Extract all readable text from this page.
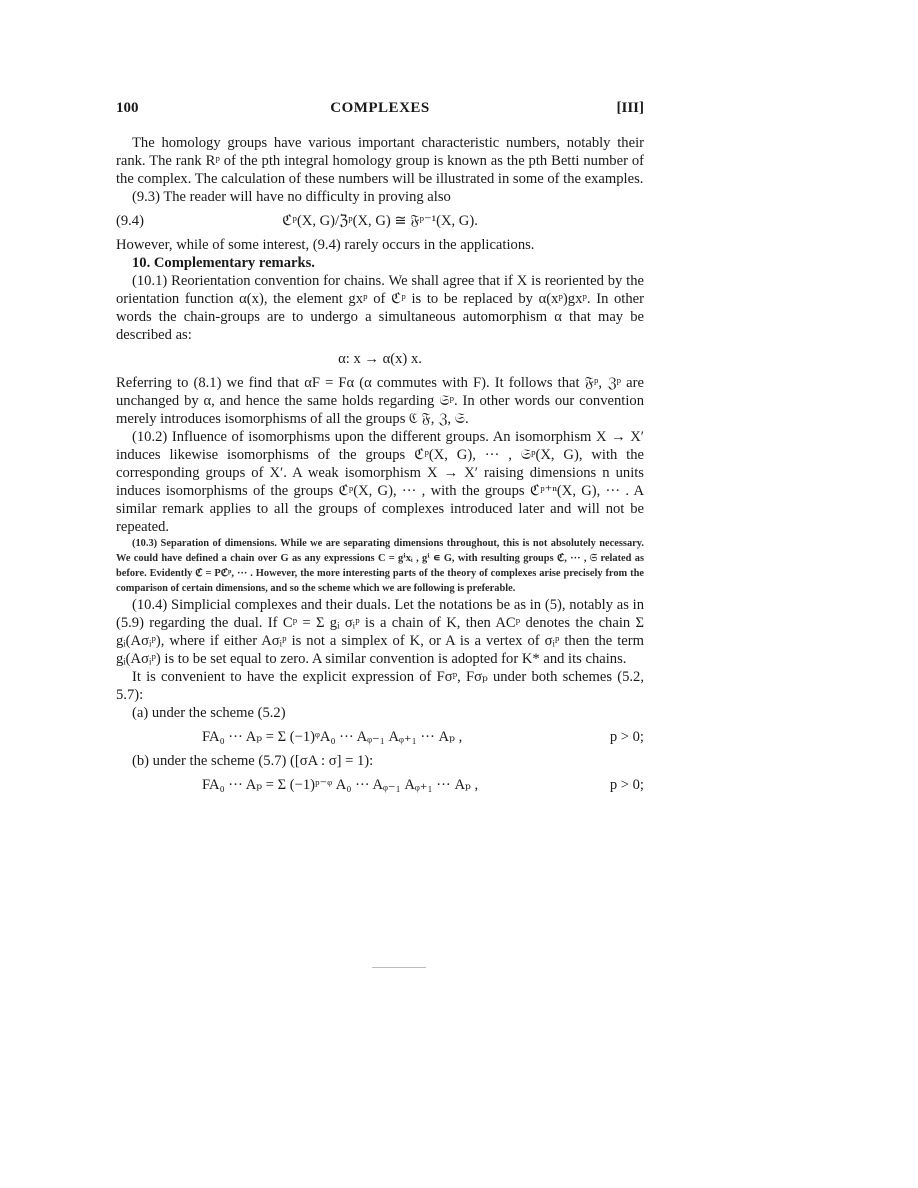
100	COMPLEXES	[III]

The homology groups have various important characteristic numbers, notably their rank. The rank Rᵖ of the pth integral homology group is known as the pth Betti number of the complex. The calculation of these numbers will be illustrated in some of the examples.

(9.3) The reader will have no difficulty in proving also

(9.4)	ℭᵖ(X, G)/ℨᵖ(X, G) ≅ 𝔉ᵖ⁻¹(X, G).

However, while of some interest, (9.4) rarely occurs in the applications.

10. Complementary remarks.

(10.1) Reorientation convention for chains. We shall agree that if X is reoriented by the orientation function α(x), the element gxᵖ of ℭᵖ is to be replaced by α(xᵖ)gxᵖ. In other words the chain-groups are to undergo a simultaneous automorphism α that may be described as:

α: x → α(x) x.

Referring to (8.1) we find that αF = Fα (α commutes with F). It follows that 𝔉ᵖ, ℨᵖ are unchanged by α, and hence the same holds regarding 𝔖ᵖ. In other words our convention merely introduces isomorphisms of all the groups ℭ 𝔉, ℨ, 𝔖.

(10.2) Influence of isomorphisms upon the different groups. An isomorphism X → X′ induces likewise isomorphisms of the groups ℭᵖ(X, G), ··· , 𝔖ᵖ(X, G), with the corresponding groups of X′. A weak isomorphism X → X′ raising dimensions n units induces isomorphisms of the groups ℭᵖ(X, G), ··· , with the groups ℭᵖ⁺ⁿ(X, G), ··· . A similar remark applies to all the groups of complexes introduced later and will not be repeated.

(10.3) Separation of dimensions. While we are separating dimensions throughout, this is not absolutely necessary. We could have defined a chain over G as any expressions C = gⁱxᵢ , gⁱ ∊ G, with resulting groups ℭ, ··· , 𝔖 related as before. Evidently ℭ = Pℭᵖ, ··· . However, the more interesting parts of the theory of complexes arise precisely from the comparison of certain dimensions, and so the scheme which we are following is preferable.

(10.4) Simplicial complexes and their duals. Let the notations be as in (5), notably as in (5.9) regarding the dual. If Cᵖ = Σ gᵢ σᵢᵖ is a chain of K, then ACᵖ denotes the chain Σ gᵢ(Aσᵢᵖ), where if either Aσᵢᵖ is not a simplex of K, or A is a vertex of σᵢᵖ then the term gᵢ(Aσᵢᵖ) is to be set equal to zero. A similar convention is adopted for K* and its chains.

It is convenient to have the explicit expression of Fσᵖ, Fσₚ under both schemes (5.2, 5.7):

(a) under the scheme (5.2)

FA₀ ··· Aₚ = Σ (−1)ᵠA₀ ··· Aᵩ₋₁ Aᵩ₊₁ ··· Aₚ ,	p > 0;

(b) under the scheme (5.7) ([σA : σ] = 1):

FA₀ ··· Aₚ = Σ (−1)ᵖ⁻ᵠ A₀ ··· Aᵩ₋₁ Aᵩ₊₁ ··· Aₚ ,	p > 0;
